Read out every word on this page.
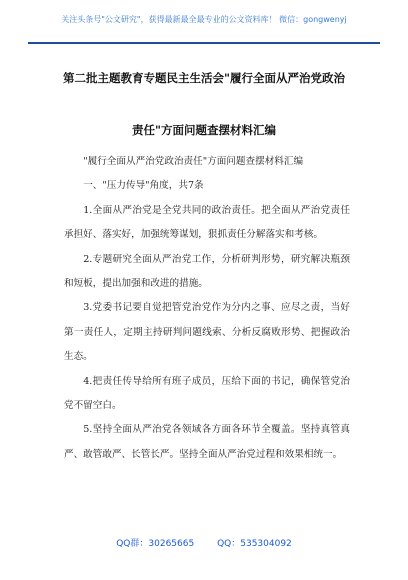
关注头条号"公文研究"，获得最新最全最专业的公文资料库！ 微信：gongwenyj
第二批主题教育专题民主生活会"履行全面从严治党政治
责任"方面问题查摆材料汇编

"履行全面从严治党政治责任"方面问题查摆材料汇编

一、"压力传导"角度，共7条

1.全面从严治党是全党共同的政治责任。把全面从严治党责任承担好、落实好，加强统筹谋划，狠抓责任分解落实和考核。

2.专题研究全面从严治党工作，分析研判形势，研究解决瓶颈和短板，提出加强和改进的措施。

3.党委书记要自觉把管党治党作为分内之事、应尽之责，当好第一责任人，定期主持研判问题线索、分析反腐败形势、把握政治生态。

4.把责任传导给所有班子成员，压给下面的书记，确保管党治党不留空白。

5.坚持全面从严治党各领域各方面各环节全覆盖。坚持真管真严、敢管敢严、长管长严。坚持全面从严治党过程和效果相统一。

QQ群：30265665	QQ：535304092
